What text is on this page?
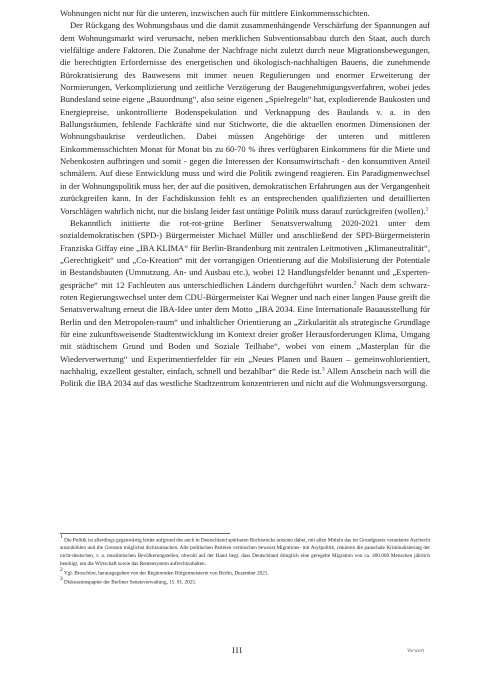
Wohnungen nicht nur für die unteren, inzwischen auch für mittlere Einkommensschichten.

Der Rückgang des Wohnungsbaus und die damit zusammenhängende Verschärfung der Spannungen auf dem Wohnungsmarkt wird verursacht, neben merklichen Subventionsabbau durch den Staat, auch durch vielfältige andere Faktoren. Die Zunahme der Nachfrage nicht zuletzt durch neue Migrationsbewegungen, die berechtigten Erfordernisse des energetischen und ökologisch-nachhaltigen Bauens, die zunehmende Bürokratisierung des Bauwesens mit immer neuen Regulierungen und enormer Erweiterung der Normierungen, Verkomplizierung und zeitliche Verzögerung der Baugenehmigungsverfahren, wobei jedes Bundesland seine eigene „Bauordnung“, also seine eigenen „Spielregeln“ hat, explodierende Baukosten und Energiepreise, unkontrollierte Bodenspekulation und Verknappung des Baulands v. a. in den Ballungsräumen, fehlende Fachkräfte sind nur Stichworte, die die aktuellen enormen Dimensionen der Wohnungsbaukrise verdeutlichen. Dabei müssen Angehörige der unteren und mittleren Einkommensschichten Monat für Monat bis zu 60-70 % ihres verfügbaren Einkommens für die Miete und Nebenkosten aufbringen und somit - gegen die Interessen der Konsumwirtschaft - den konsumtiven Anteil schmälern. Auf diese Entwicklung muss und wird die Politik zwingend reagieren. Ein Paradigmenwechsel in der Wohnungspolitik muss her, der auf die positiven, demokratischen Erfahrungen aus der Vergangenheit zurückgreifen kann. In der Fachdiskussion fehlt es an entsprechenden qualifizierten und detaillierten Vorschlägen wahrlich nicht, nur die bislang leider fast untätige Politik muss darauf zurückgreifen (wollen).$^1$

Bekanntlich initiierte die rot-rot-grüne Berliner Senatsverwaltung 2020-2021 unter dem sozialdemokratischen (SPD-) Bürgermeister Michael Müller und anschließend der SPD-Bürgermeisterin Franziska Giffay eine „IBA KLIMA“ für Berlin-Brandenburg mit zentralen Leitmotiven „Klimaneutralität“, „Gerechtigkeit“ und „Co-Kreation“ mit der vorrangigen Orientierung auf die Mobilisierung der Potentiale in Bestandsbauten (Umnutzung. An- und Ausbau etc.), wobei 12 Handlungsfelder benannt und „Experten-gespräche“ mit 12 Fachleuten aus unterschiedlichen Ländern durchgeführt wurden.$^2$ Nach dem schwarz-roten Regierungswechsel unter dem CDU-Bürgermeister Kai Wegner und nach einer langen Pause greift die Senatsverwaltung erneut die IBA-Idee unter dem Motto „IBA 2034. Eine Internationale Bauausstellung für Berlin und den Metropolen-raum“ und inhaltlicher Orientierung an „Zirkularität als strategische Grundlage für eine zukunftsweisende Stadtentwicklung im Kontext dreier großer Herausforderungen Klima, Umgang mit städtischem Grund und Boden und Soziale Teilhabe“, wobei von einem „Masterplan für die Wiederverwertung“ und Experimentierfelder für ein „Neues Planen und Bauen – gemeinwohlorientiert, nachhaltig, exzellent gestalter, einfach, schnell und bezahlbar“ die Rede ist.$^3$ Allem Anschein nach will die Politik die IBA 2034 auf das westliche Stadtzentrum konzentrieren und nicht auf die Wohnungsversorgung.

$^1$ Die Politik ist allerdings gegenwärtig leider aufgrund des auch in Deutschland spürbaren Rechtsrucks unisono dabei, mit allen Mitteln das im Grundgesetz verankerte Asylrecht auszuhöhlen und die Grenzen möglichst dichtzumachen. Alle politischen Parteien vermischen bewusst Migrations- mit Asylpolitik, riskieren die pauschale Kriminalisierung der nicht-deutschen, v. a. muslimischen Bevölkerungsteilen, obwohl auf der Hand liegt, dass Deutschland dringlich eine geregelte Migration von ca. 400.000 Menschen jährlich benötigt, um die Wirtschaft sowie das Rentensystem aufrechtzuhalten.

$^2$ Vgl. Broschüre, herausgegeben von der Regierenden Bürgermeisterin von Berlin, Dezember 2021.

$^3$ Diskussionspapier der Berliner Senatsverwaltung, 15. 01. 2025.

III	Vorwort
